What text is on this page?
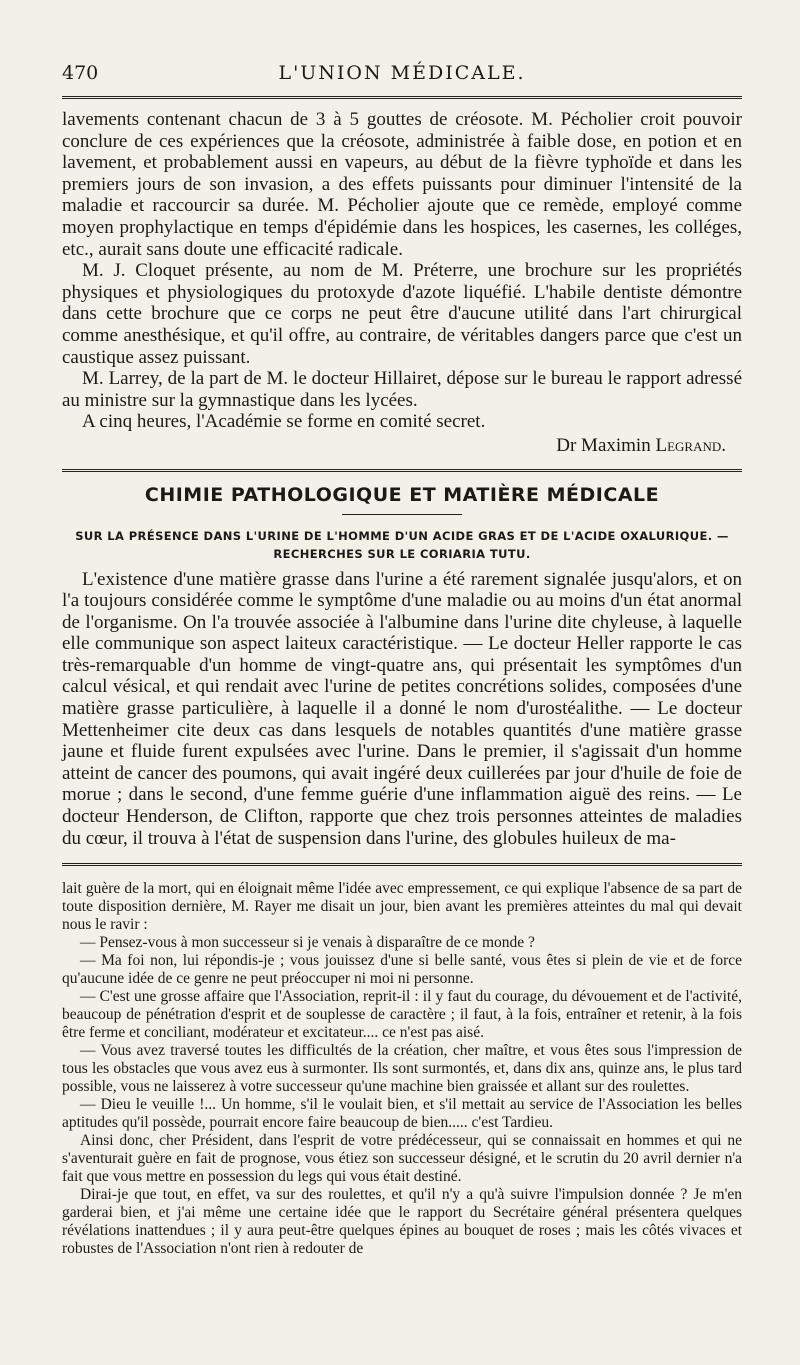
470	L'UNION MÉDICALE.

lavements contenant chacun de 3 à 5 gouttes de créosote. M. Pécholier croit pouvoir conclure de ces expériences que la créosote, administrée à faible dose, en potion et en lavement, et probablement aussi en vapeurs, au début de la fièvre typhoïde et dans les premiers jours de son invasion, a des effets puissants pour diminuer l'intensité de la maladie et raccourcir sa durée. M. Pécholier ajoute que ce remède, employé comme moyen prophylactique en temps d'épidémie dans les hospices, les casernes, les colléges, etc., aurait sans doute une efficacité radicale.

M. J. Cloquet présente, au nom de M. Préterre, une brochure sur les propriétés physiques et physiologiques du protoxyde d'azote liquéfié. L'habile dentiste démontre dans cette brochure que ce corps ne peut être d'aucune utilité dans l'art chirurgical comme anesthésique, et qu'il offre, au contraire, de véritables dangers parce que c'est un caustique assez puissant.

M. Larrey, de la part de M. le docteur Hillairet, dépose sur le bureau le rapport adressé au ministre sur la gymnastique dans les lycées.

A cinq heures, l'Académie se forme en comité secret.

Dr Maximin Legrand.
CHIMIE PATHOLOGIQUE ET MATIÈRE MÉDICALE
SUR LA PRÉSENCE DANS L'URINE DE L'HOMME D'UN ACIDE GRAS ET DE L'ACIDE OXALURIQUE. — RECHERCHES SUR LE CORIARIA TUTU.

L'existence d'une matière grasse dans l'urine a été rarement signalée jusqu'alors, et on l'a toujours considérée comme le symptôme d'une maladie ou au moins d'un état anormal de l'organisme. On l'a trouvée associée à l'albumine dans l'urine dite chyleuse, à laquelle elle communique son aspect laiteux caractéristique. — Le docteur Heller rapporte le cas très-remarquable d'un homme de vingt-quatre ans, qui présentait les symptômes d'un calcul vésical, et qui rendait avec l'urine de petites concrétions solides, composées d'une matière grasse particulière, à laquelle il a donné le nom d'urostéalithe. — Le docteur Mettenheimer cite deux cas dans lesquels de notables quantités d'une matière grasse jaune et fluide furent expulsées avec l'urine. Dans le premier, il s'agissait d'un homme atteint de cancer des poumons, qui avait ingéré deux cuillerées par jour d'huile de foie de morue ; dans le second, d'une femme guérie d'une inflammation aiguë des reins. — Le docteur Henderson, de Clifton, rapporte que chez trois personnes atteintes de maladies du cœur, il trouva à l'état de suspension dans l'urine, des globules huileux de ma-

lait guère de la mort, qui en éloignait même l'idée avec empressement, ce qui explique l'absence de sa part de toute disposition dernière, M. Rayer me disait un jour, bien avant les premières atteintes du mal qui devait nous le ravir :

— Pensez-vous à mon successeur si je venais à disparaître de ce monde ?

— Ma foi non, lui répondis-je ; vous jouissez d'une si belle santé, vous êtes si plein de vie et de force qu'aucune idée de ce genre ne peut préoccuper ni moi ni personne.

— C'est une grosse affaire que l'Association, reprit-il : il y faut du courage, du dévouement et de l'activité, beaucoup de pénétration d'esprit et de souplesse de caractère ; il faut, à la fois, entraîner et retenir, à la fois être ferme et conciliant, modérateur et excitateur.... ce n'est pas aisé.

— Vous avez traversé toutes les difficultés de la création, cher maître, et vous êtes sous l'impression de tous les obstacles que vous avez eus à surmonter. Ils sont surmontés, et, dans dix ans, quinze ans, le plus tard possible, vous ne laisserez à votre successeur qu'une machine bien graissée et allant sur des roulettes.

— Dieu le veuille !... Un homme, s'il le voulait bien, et s'il mettait au service de l'Association les belles aptitudes qu'il possède, pourrait encore faire beaucoup de bien..... c'est Tardieu.

Ainsi donc, cher Président, dans l'esprit de votre prédécesseur, qui se connaissait en hommes et qui ne s'aventurait guère en fait de prognose, vous étiez son successeur désigné, et le scrutin du 20 avril dernier n'a fait que vous mettre en possession du legs qui vous était destiné.

Dirai-je que tout, en effet, va sur des roulettes, et qu'il n'y a qu'à suivre l'impulsion donnée ? Je m'en garderai bien, et j'ai même une certaine idée que le rapport du Secrétaire général présentera quelques révélations inattendues ; il y aura peut-être quelques épines au bouquet de roses ; mais les côtés vivaces et robustes de l'Association n'ont rien à redouter de
